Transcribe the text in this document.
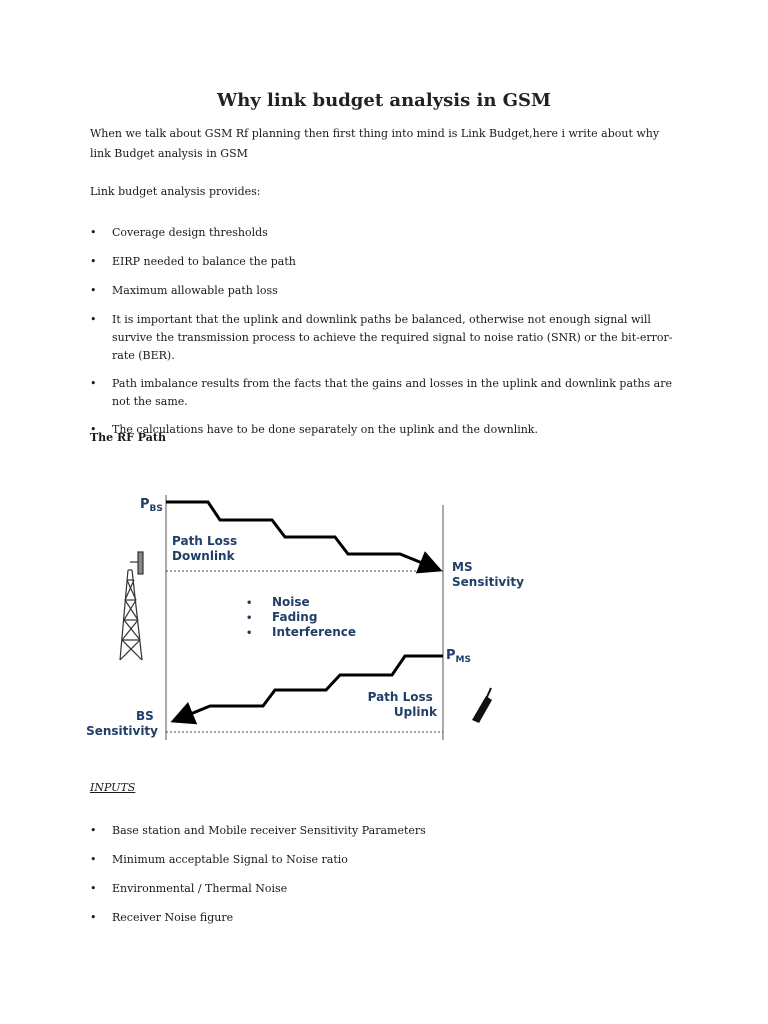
Why link budget analysis in GSM

When we talk about GSM Rf planning then first thing into mind is Link Budget,here i write about why link Budget analysis in GSM

Link budget analysis provides:

• Coverage design thresholds
• EIRP needed to balance the path
• Maximum allowable path loss
• It is important that the uplink and downlink paths be balanced, otherwise not enough signal will survive the transmission process to achieve the required signal to noise ratio (SNR) or the bit-error-rate (BER).
• Path imbalance results from the facts that the gains and losses in the uplink and downlink paths are not the same.
• The calculations have to be done separately on the uplink and the downlink.
The RF Path
$P_{BS}$
Path Loss Downlink
MS Sensitivity
• Noise
• Fading
• Interference
$P_{MS}$
Path Loss Uplink
BS Sensitivity
INPUTS
• Base station and Mobile receiver Sensitivity Parameters
• Minimum acceptable Signal to Noise ratio
• Environmental / Thermal Noise
• Receiver Noise figure
